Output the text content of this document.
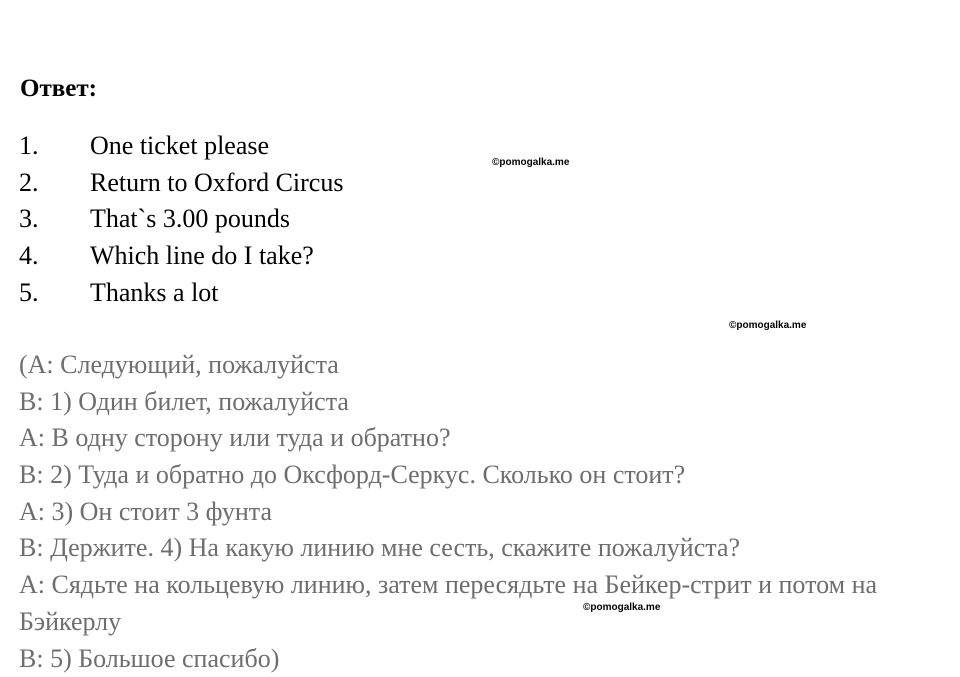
Ответ:
1.	One ticket please
2.	Return to Oxford Circus
3.	That`s 3.00 pounds
4.	Which line do I take?
5.	Thanks a lot
(А: Следующий, пожалуйста
В: 1) Один билет, пожалуйста
А: В одну сторону или туда и обратно?
В: 2) Туда и обратно до Оксфорд-Серкус. Сколько он стоит?
А: 3) Он стоит 3 фунта
В: Держите. 4) На какую линию мне сесть, скажите пожалуйста?
А: Сядьте на кольцевую линию, затем пересядьте на Бейкер-стрит и потом на
Бэйкерлу
В: 5) Большое спасибо)
©pomogalka.me
©pomogalka.me
©pomogalka.me
